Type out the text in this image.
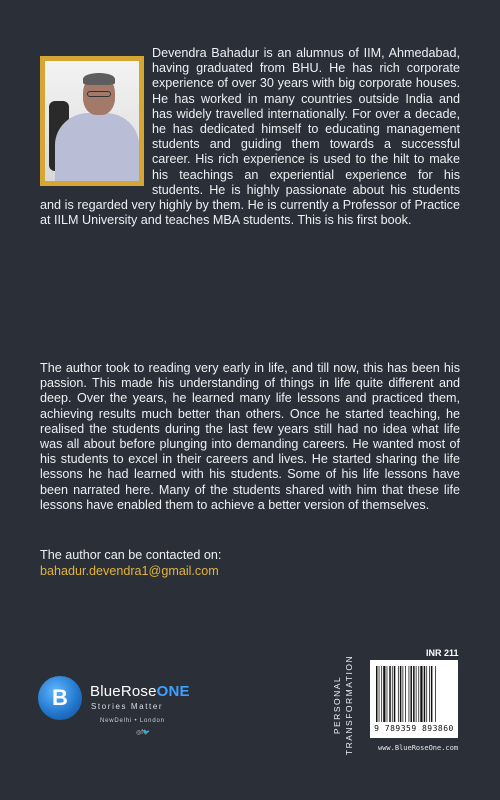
Devendra Bahadur is an alumnus of IIM, Ahmedabad, having graduated from BHU. He has rich corporate experience of over 30 years with big corporate houses. He has worked in many countries outside India and has widely travelled internationally. For over a decade, he has dedicated himself to educating management students and guiding them towards a successful career. His rich experience is used to the hilt to make his teachings an experiential experience for his students. He is highly passionate about his students and is regarded very highly by them. He is currently a Professor of Practice at IILM University and teaches MBA students. This is his first book.
The author took to reading very early in life, and till now, this has been his passion. This made his understanding of things in life quite different and deep. Over the years, he learned many life lessons and practiced them, achieving results much better than others. Once he started teaching, he realised the students during the last few years still had no idea what life was all about before plunging into demanding careers. He wanted most of his students to excel in their careers and lives. He started sharing the life lessons he had learned with his students. Some of his life lessons have been narrated here. Many of the students shared with him that these life lessons have enabled them to achieve a better version of themselves.
The author can be contacted on:
bahadur.devendra1@gmail.com
B	BlueRoseONE
Stories Matter
NewDelhi • London
◎f🐦	PERSONAL TRANSFORMATION
INR 211
9 789359 893860
www.BlueRoseOne.com
